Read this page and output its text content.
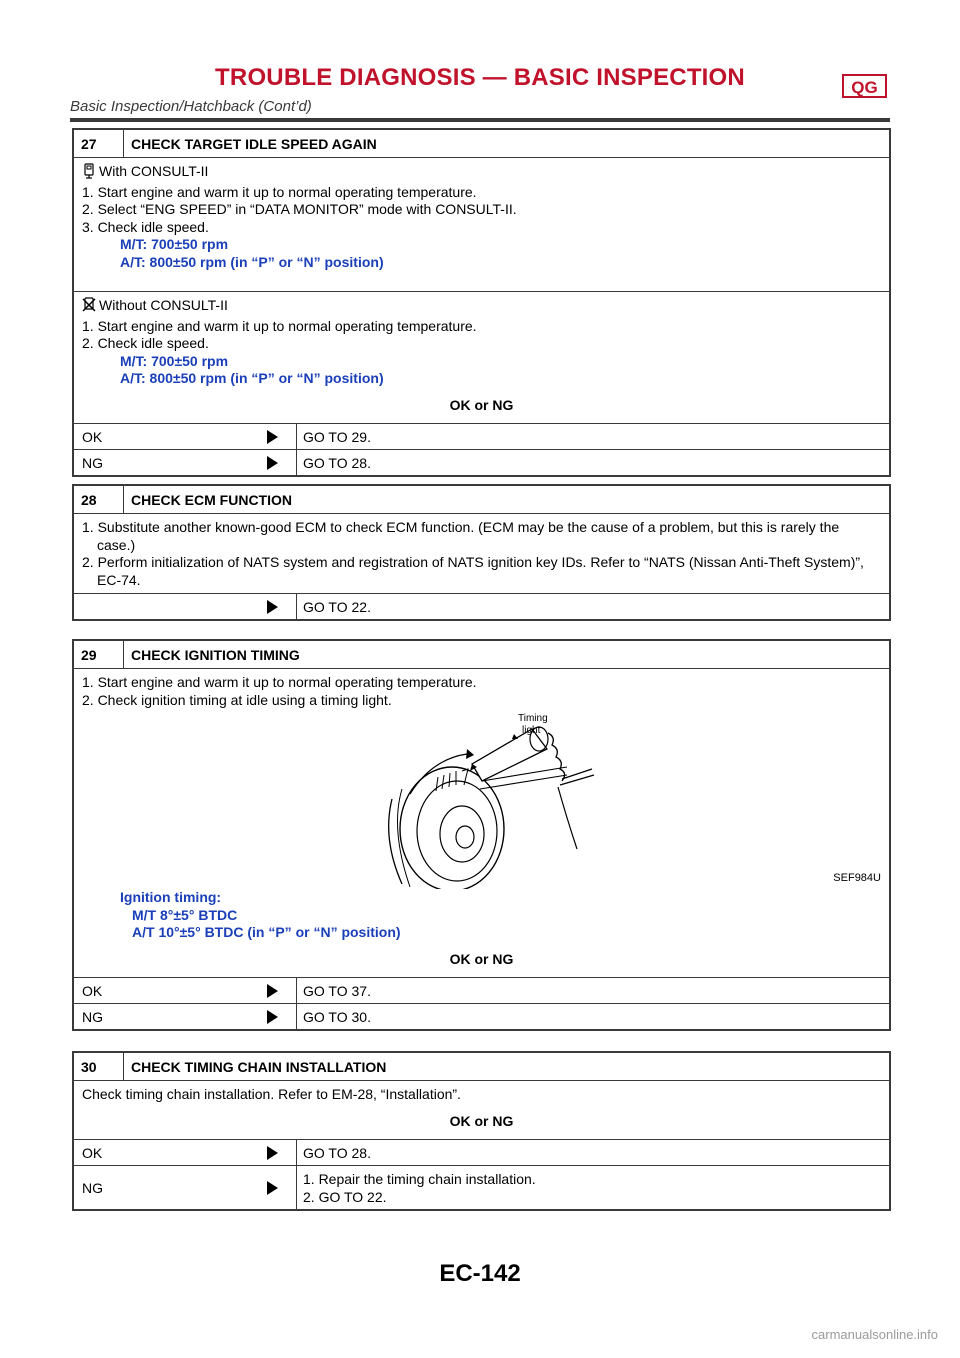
TROUBLE DIAGNOSIS — BASIC INSPECTION	QG
Basic Inspection/Hatchback (Cont’d)
27	CHECK TARGET IDLE SPEED AGAIN
With CONSULT-II
1. Start engine and warm it up to normal operating temperature.
2. Select “ENG SPEED” in “DATA MONITOR” mode with CONSULT-II.
3. Check idle speed.
M/T: 700±50 rpm
A/T: 800±50 rpm (in “P” or “N” position)
Without CONSULT-II
1. Start engine and warm it up to normal operating temperature.
2. Check idle speed.
M/T: 700±50 rpm
A/T: 800±50 rpm (in “P” or “N” position)
OK or NG
OK	GO TO 29.
NG	GO TO 28.
28	CHECK ECM FUNCTION
1. Substitute another known-good ECM to check ECM function. (ECM may be the cause of a problem, but this is rarely the case.)
2. Perform initialization of NATS system and registration of NATS ignition key IDs. Refer to “NATS (Nissan Anti-Theft System)”, EC-74.
GO TO 22.
29	CHECK IGNITION TIMING
1. Start engine and warm it up to normal operating temperature.
2. Check ignition timing at idle using a timing light.
Timing
light
SEF984U
Ignition timing:
M/T 8°±5° BTDC
A/T 10°±5° BTDC (in “P” or “N” position)
OK or NG
OK	GO TO 37.
NG	GO TO 30.
30	CHECK TIMING CHAIN INSTALLATION
Check timing chain installation. Refer to EM-28, “Installation”.
OK or NG
OK	GO TO 28.
NG
1. Repair the timing chain installation.
2. GO TO 22.
EC-142
carmanualsonline.info
